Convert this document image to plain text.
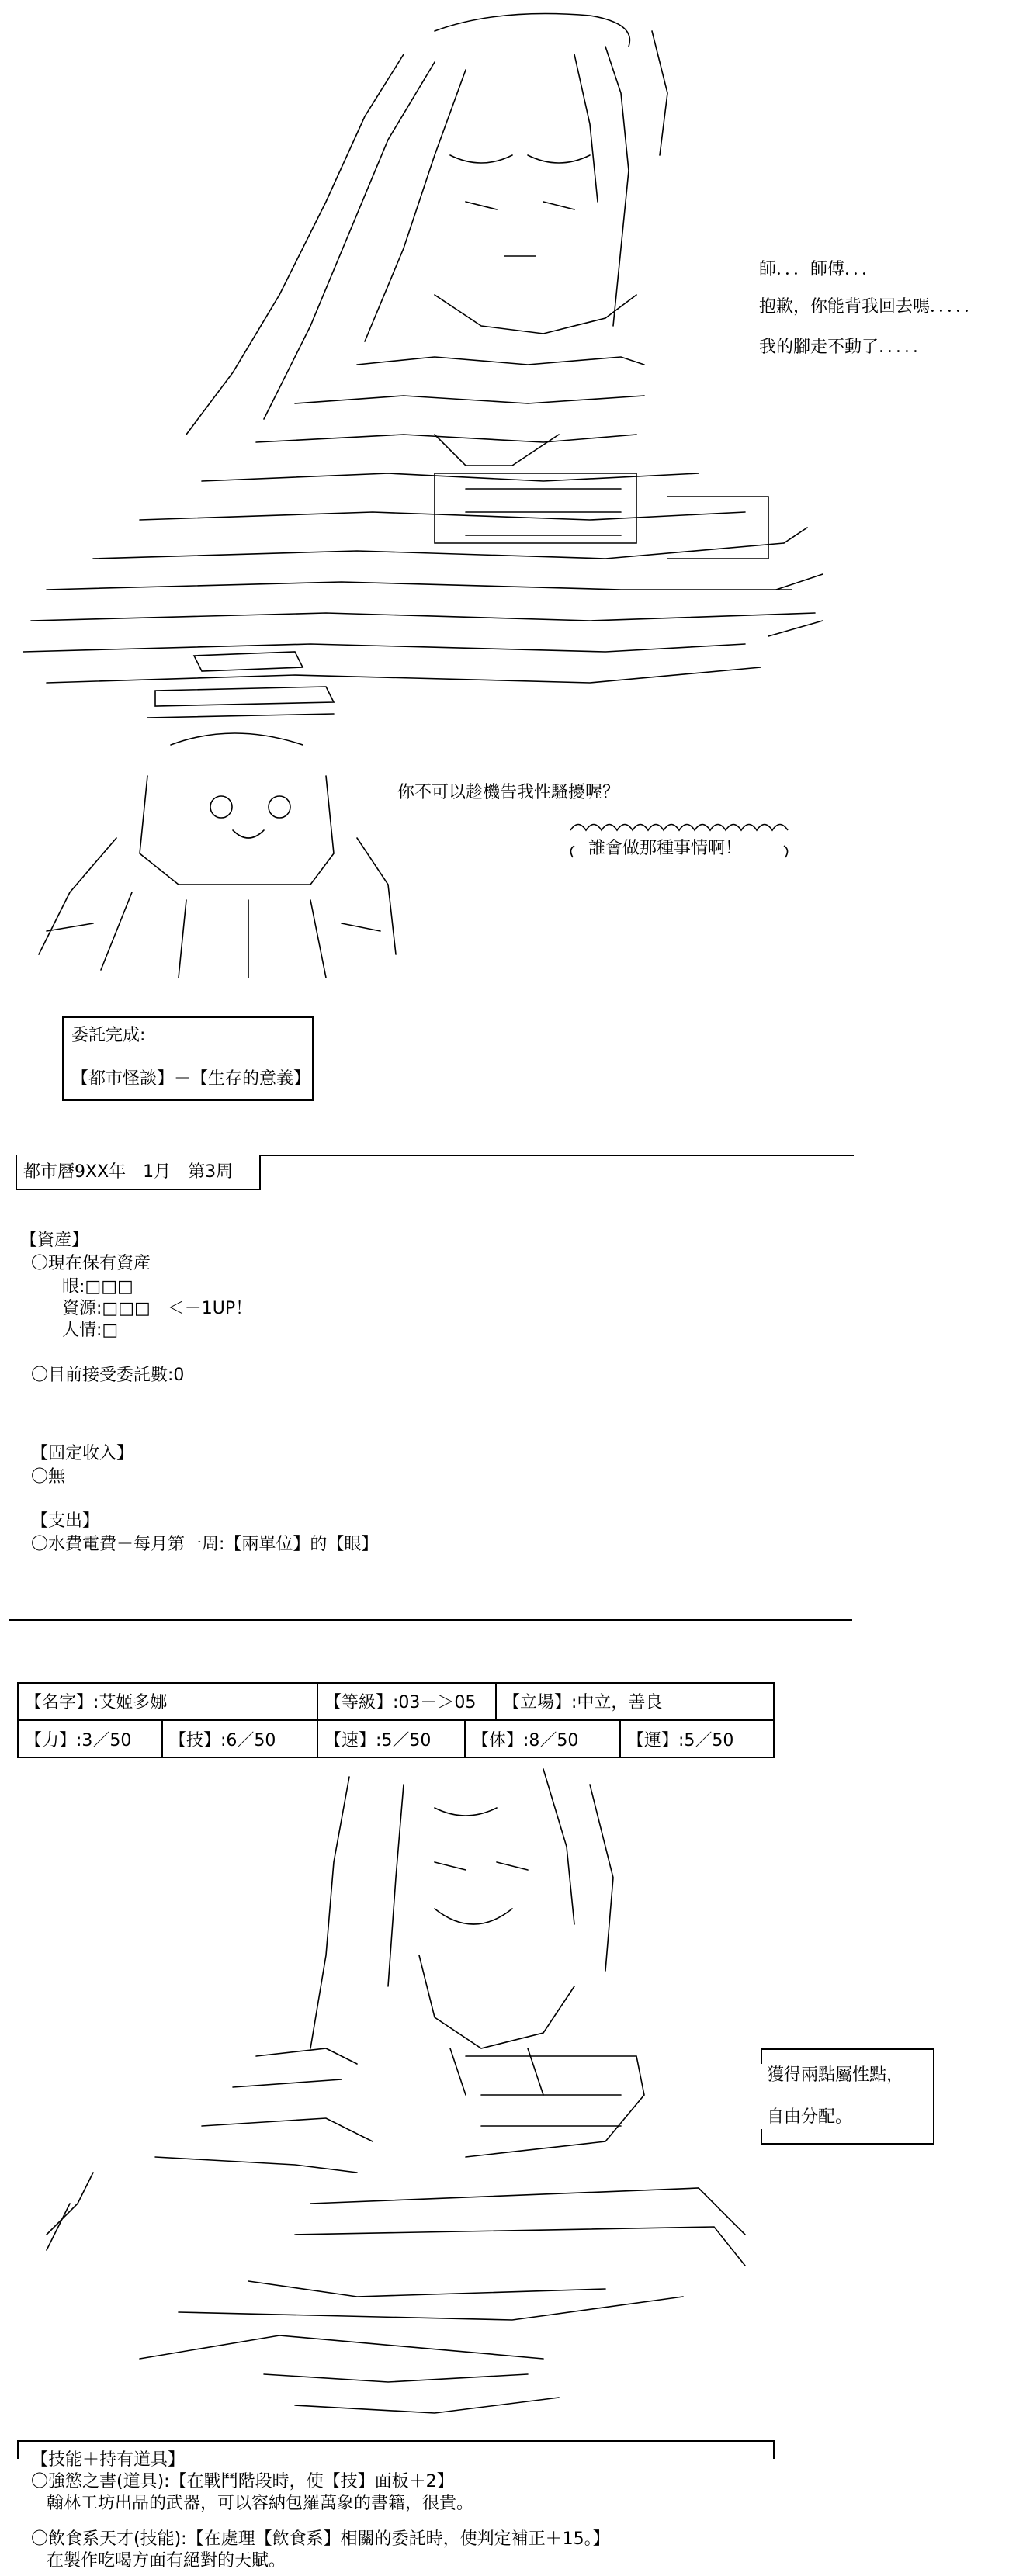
師．．．師傅．．．
抱歉，你能背我回去嗎．．．．．
我的腳走不動了．．．．．
你不可以趁機告我性騷擾喔？
誰會做那種事情啊！
委託完成:
【都市怪談】－【生存的意義】
都市曆9XX年　1月　第3周
【資産】
〇現在保有資産
眼:□□□
資源:□□□　＜－1UP！
人情:□
〇目前接受委託數:0
【固定收入】
〇無
【支出】
〇水費電費－每月第一周:【兩單位】的【眼】
【名字】:艾姬多娜	【等級】:03－＞05 【立場】:中立，善良
【力】:3／50 【技】:6／50	【速】:5／50 【体】:8／50	【運】:5／50
獲得兩點屬性點，
自由分配。
【技能＋持有道具】
〇強慾之書(道具):【在戰鬥階段時，使【技】面板＋2】
翰林工坊出品的武器，可以容納包羅萬象的書籍，很貴。
〇飲食系天才(技能):【在處理【飲食系】相關的委託時，使判定補正＋15。】
在製作吃喝方面有絕對的天賦。
